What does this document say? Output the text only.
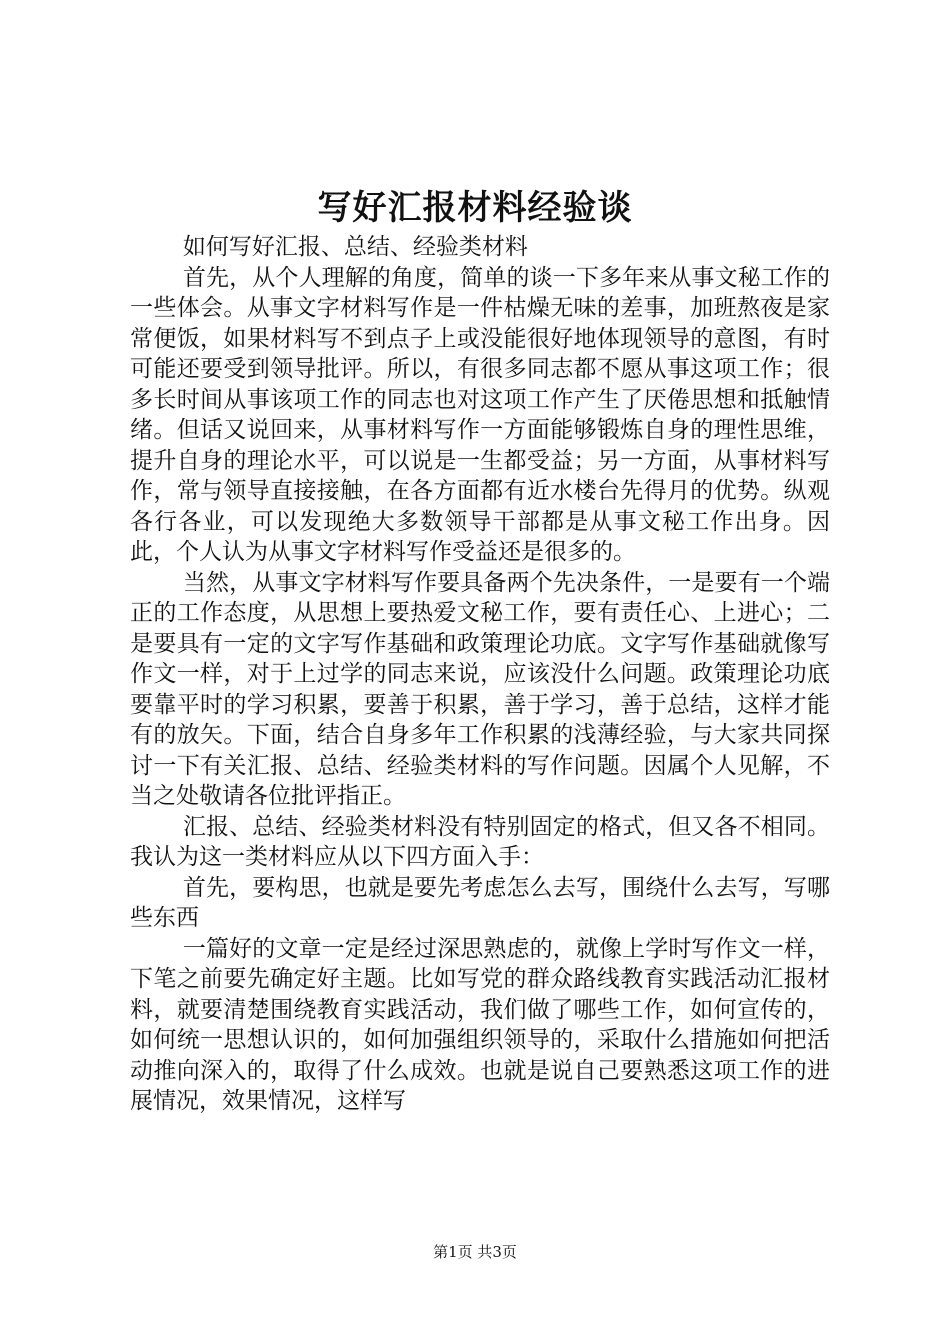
写好汇报材料经验谈

如何写好汇报、总结、经验类材料

首先，从个人理解的角度，简单的谈一下多年来从事文秘工作的一些体会。从事文字材料写作是一件枯燥无味的差事，加班熬夜是家常便饭，如果材料写不到点子上或没能很好地体现领导的意图，有时可能还要受到领导批评。所以，有很多同志都不愿从事这项工作；很多长时间从事该项工作的同志也对这项工作产生了厌倦思想和抵触情绪。但话又说回来，从事材料写作一方面能够锻炼自身的理性思维，提升自身的理论水平，可以说是一生都受益；另一方面，从事材料写作，常与领导直接接触，在各方面都有近水楼台先得月的优势。纵观各行各业，可以发现绝大多数领导干部都是从事文秘工作出身。因此，个人认为从事文字材料写作受益还是很多的。

当然，从事文字材料写作要具备两个先决条件，一是要有一个端正的工作态度，从思想上要热爱文秘工作，要有责任心、上进心；二是要具有一定的文字写作基础和政策理论功底。文字写作基础就像写作文一样，对于上过学的同志来说，应该没什么问题。政策理论功底要靠平时的学习积累，要善于积累，善于学习，善于总结，这样才能有的放矢。下面，结合自身多年工作积累的浅薄经验，与大家共同探讨一下有关汇报、总结、经验类材料的写作问题。因属个人见解，不当之处敬请各位批评指正。

汇报、总结、经验类材料没有特别固定的格式，但又各不相同。我认为这一类材料应从以下四方面入手：

首先，要构思，也就是要先考虑怎么去写，围绕什么去写，写哪些东西

一篇好的文章一定是经过深思熟虑的，就像上学时写作文一样，下笔之前要先确定好主题。比如写党的群众路线教育实践活动汇报材料，就要清楚围绕教育实践活动，我们做了哪些工作，如何宣传的，如何统一思想认识的，如何加强组织领导的，采取什么措施如何把活动推向深入的，取得了什么成效。也就是说自己要熟悉这项工作的进展情况，效果情况，这样写

第1页 共3页
